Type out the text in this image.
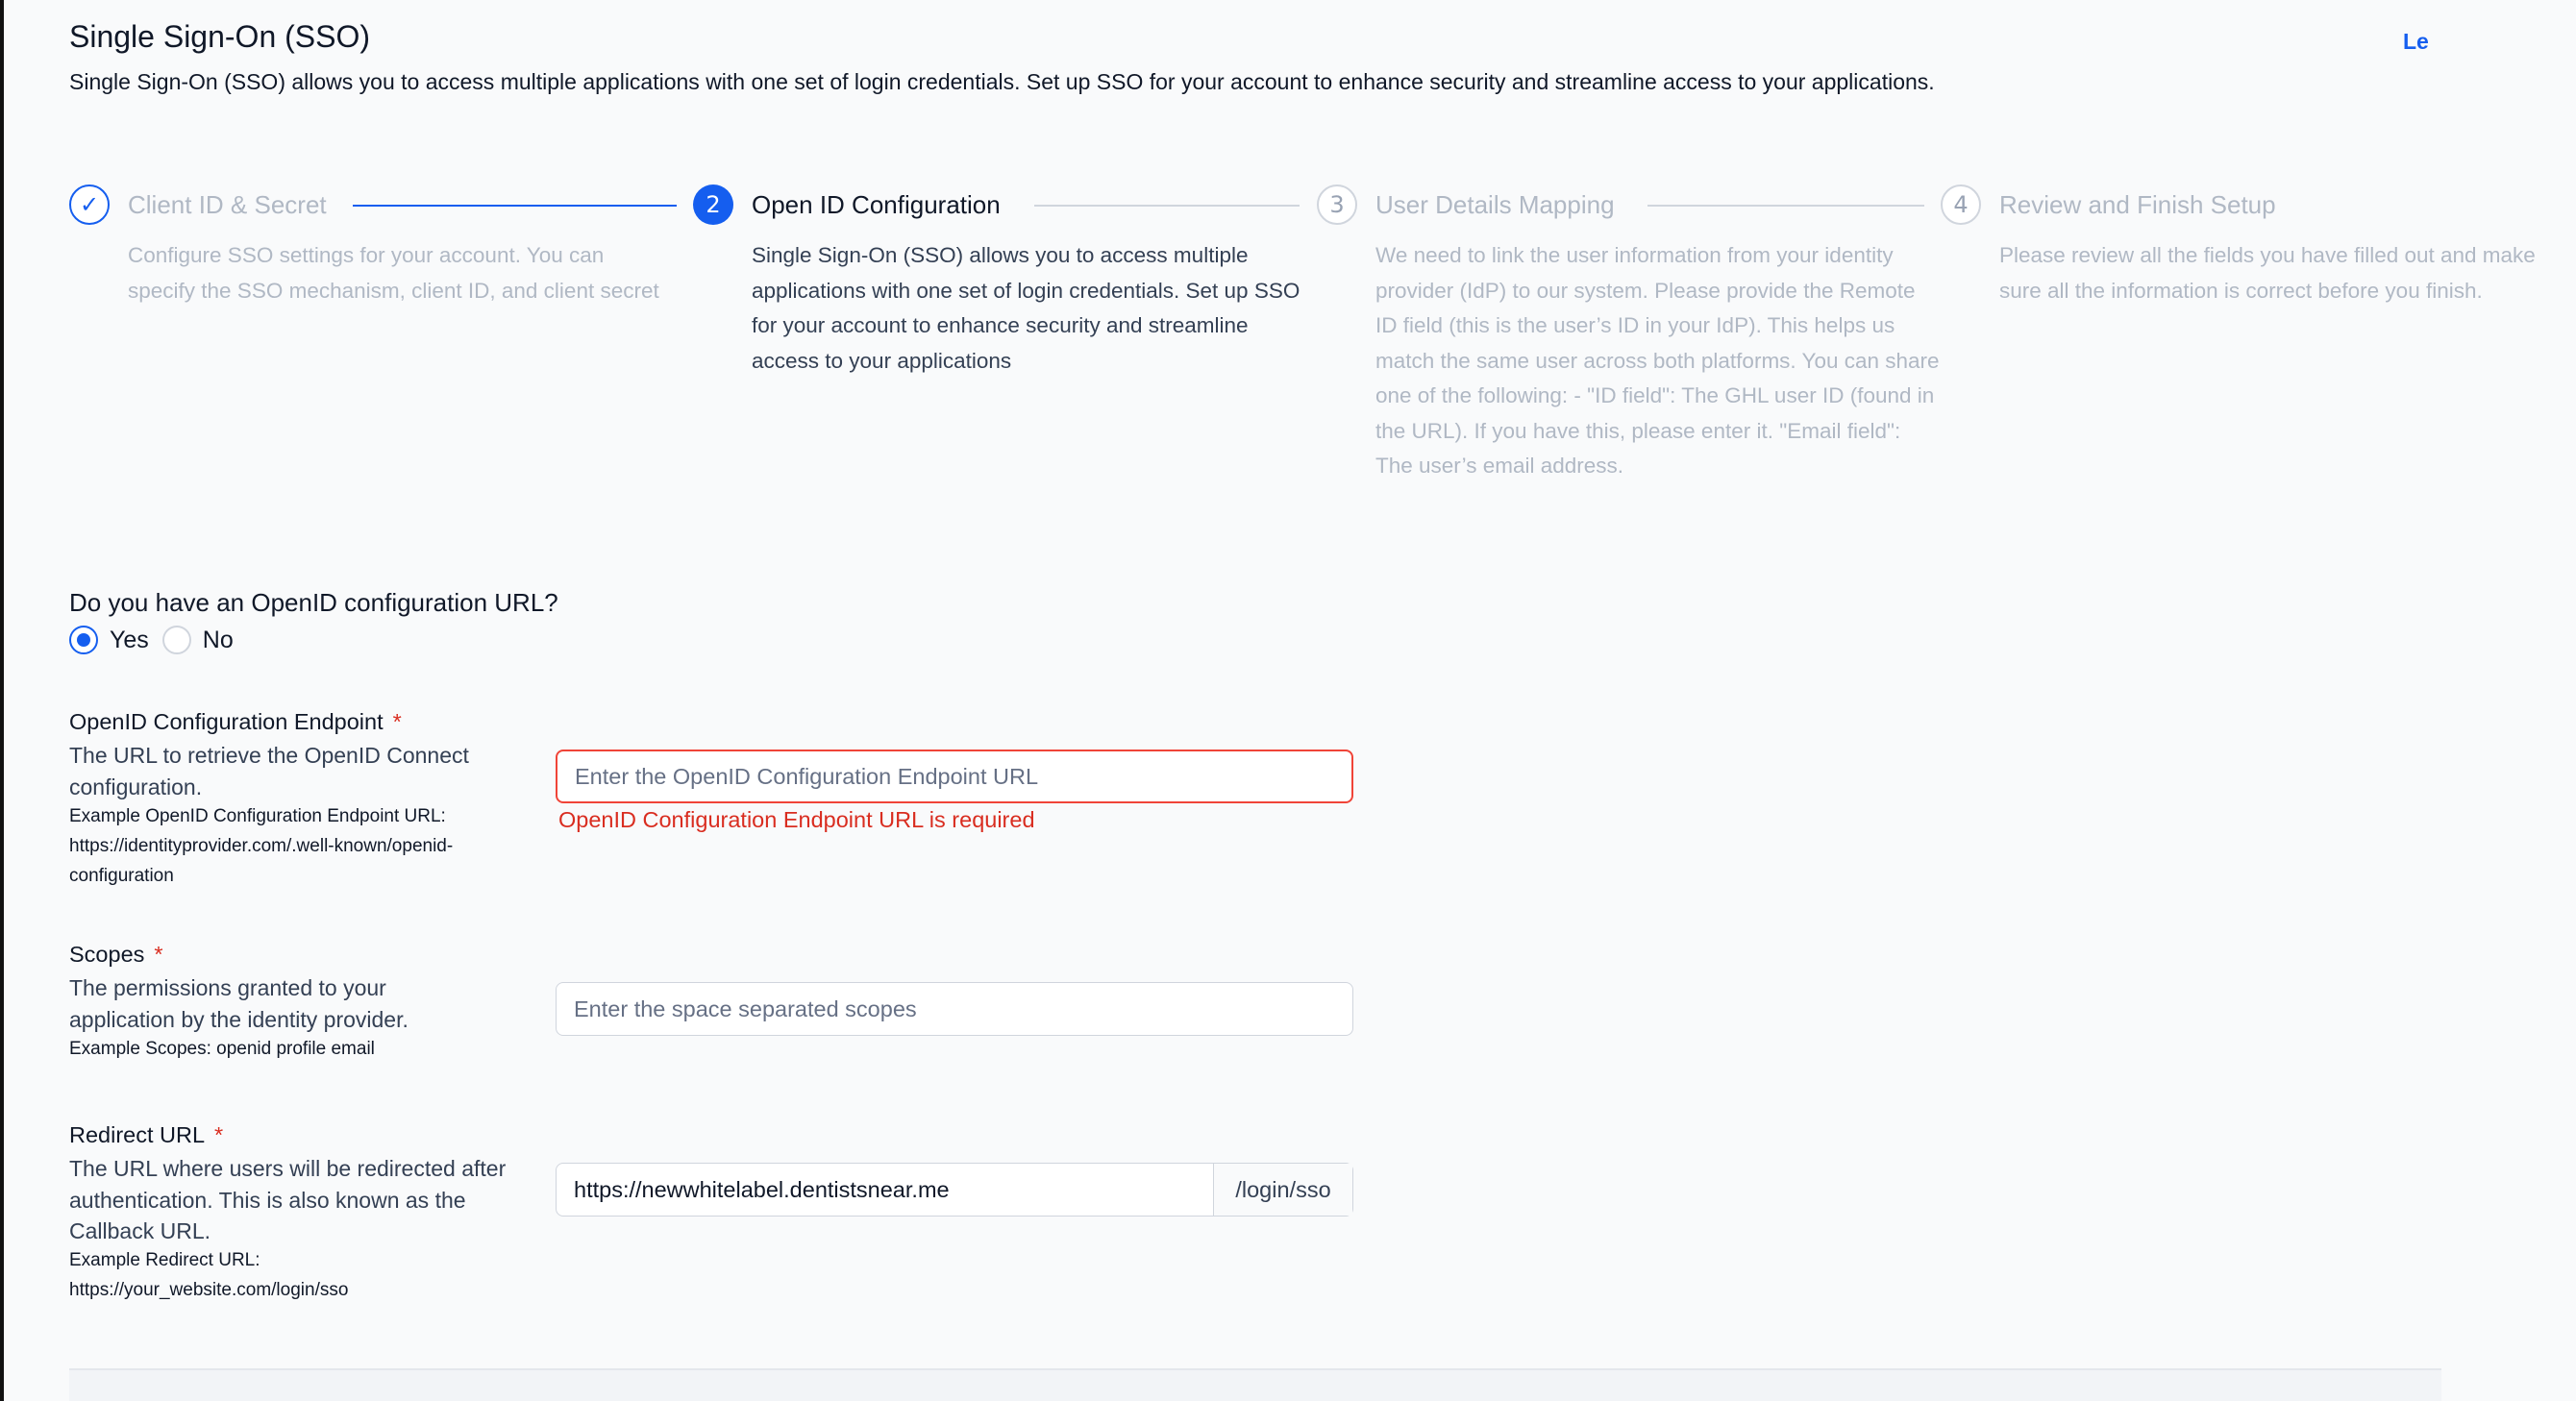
Single Sign-On (SSO)
Single Sign-On (SSO) allows you to access multiple applications with one set of login credentials. Set up SSO for your account to enhance security and streamline access to your applications.
Le
✓	Client ID & Secret
Configure SSO settings for your account. You can specify the SSO mechanism, client ID, and client secret
2	Open ID Configuration
Single Sign-On (SSO) allows you to access multiple applications with one set of login credentials. Set up SSO for your account to enhance security and streamline access to your applications
3	User Details Mapping
We need to link the user information from your identity provider (IdP) to our system. Please provide the Remote ID field (this is the user’s ID in your IdP). This helps us match the same user across both platforms. You can share one of the following: - "ID field": The GHL user ID (found in the URL). If you have this, please enter it. "Email field": The user’s email address.
4	Review and Finish Setup
Please review all the fields you have filled out and make sure all the information is correct before you finish.
Do you have an OpenID configuration URL?
Yes No
OpenID Configuration Endpoint *
The URL to retrieve the OpenID Connect configuration.
Example OpenID Configuration Endpoint URL: https://identityprovider.com/.well-known/openid-configuration
Enter the OpenID Configuration Endpoint URL
OpenID Configuration Endpoint URL is required
Scopes *
The permissions granted to your application by the identity provider.
Example Scopes: openid profile email
Enter the space separated scopes
Redirect URL *
The URL where users will be redirected after authentication. This is also known as the Callback URL.
Example Redirect URL: https://your_website.com/login/sso
https://newwhitelabel.dentistsnear.me
/login/sso
